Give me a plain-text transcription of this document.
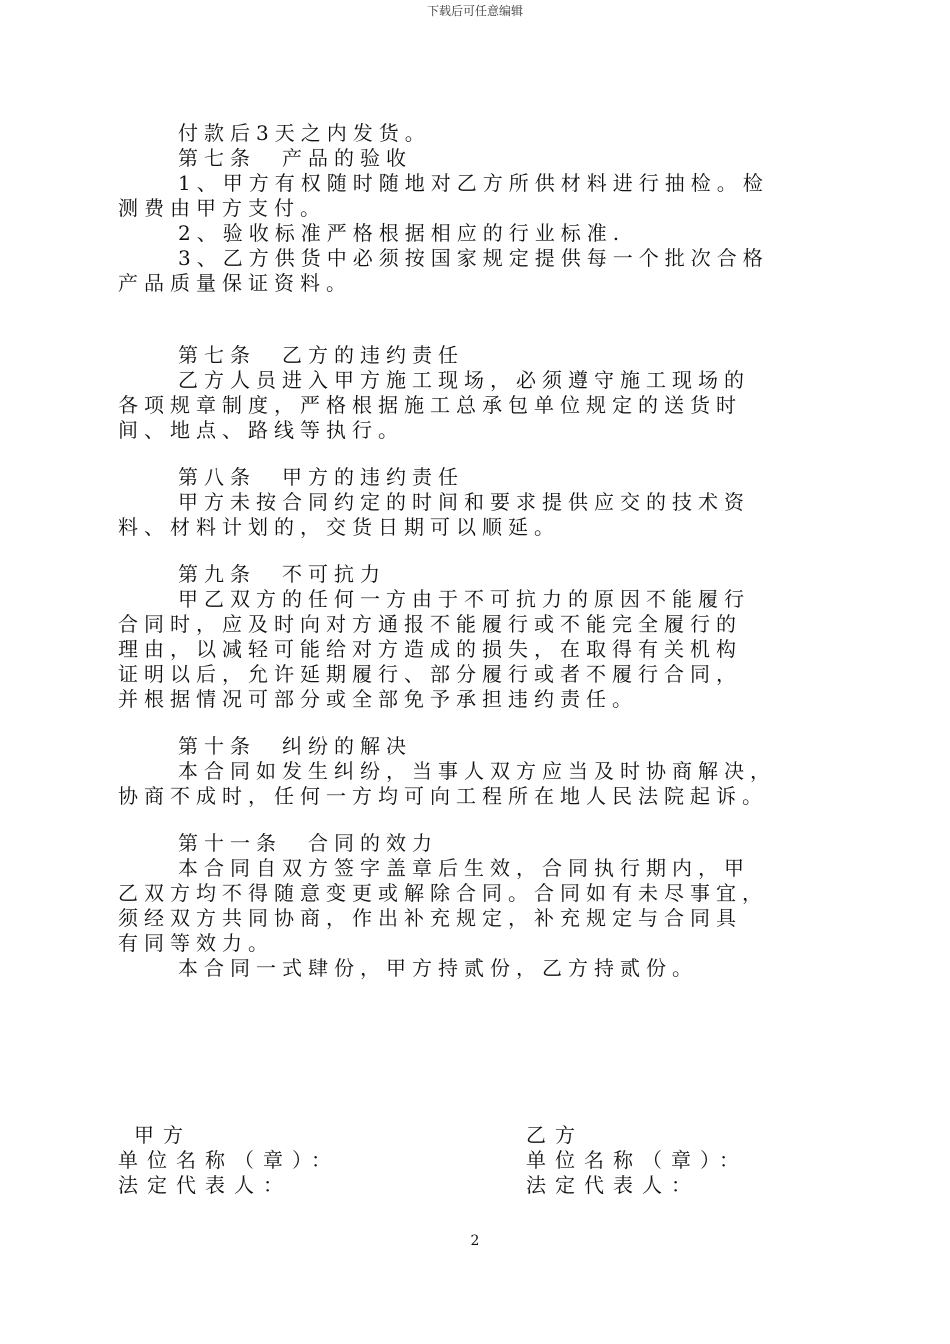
下载后可任意编辑

付款后3天之内发货。

第七条　产品的验收

1、甲方有权随时随地对乙方所供材料进行抽检。检

测费由甲方支付。

2、验收标准严格根据相应的行业标准.

3、乙方供货中必须按国家规定提供每一个批次合格

产品质量保证资料。

第七条　乙方的违约责任

乙方人员进入甲方施工现场，必须遵守施工现场的

各项规章制度，严格根据施工总承包单位规定的送货时

间、地点、路线等执行。

第八条　甲方的违约责任

甲方未按合同约定的时间和要求提供应交的技术资

料、材料计划的，交货日期可以顺延。

第九条　不可抗力

甲乙双方的任何一方由于不可抗力的原因不能履行

合同时，应及时向对方通报不能履行或不能完全履行的

理由，以减轻可能给对方造成的损失，在取得有关机构

证明以后，允许延期履行、部分履行或者不履行合同，

并根据情况可部分或全部免予承担违约责任。

第十条　纠纷的解决

本合同如发生纠纷，当事人双方应当及时协商解决，

协商不成时，任何一方均可向工程所在地人民法院起诉。

第十一条　合同的效力

本合同自双方签字盖章后生效，合同执行期内，甲

乙双方均不得随意变更或解除合同。合同如有未尽事宜，

须经双方共同协商，作出补充规定，补充规定与合同具

有同等效力。

本合同一式肆份，甲方持贰份，乙方持贰份。

甲方
单位名称（章）：
法定代表人：
乙方
单位名称（章）：
法定代表人：
2
